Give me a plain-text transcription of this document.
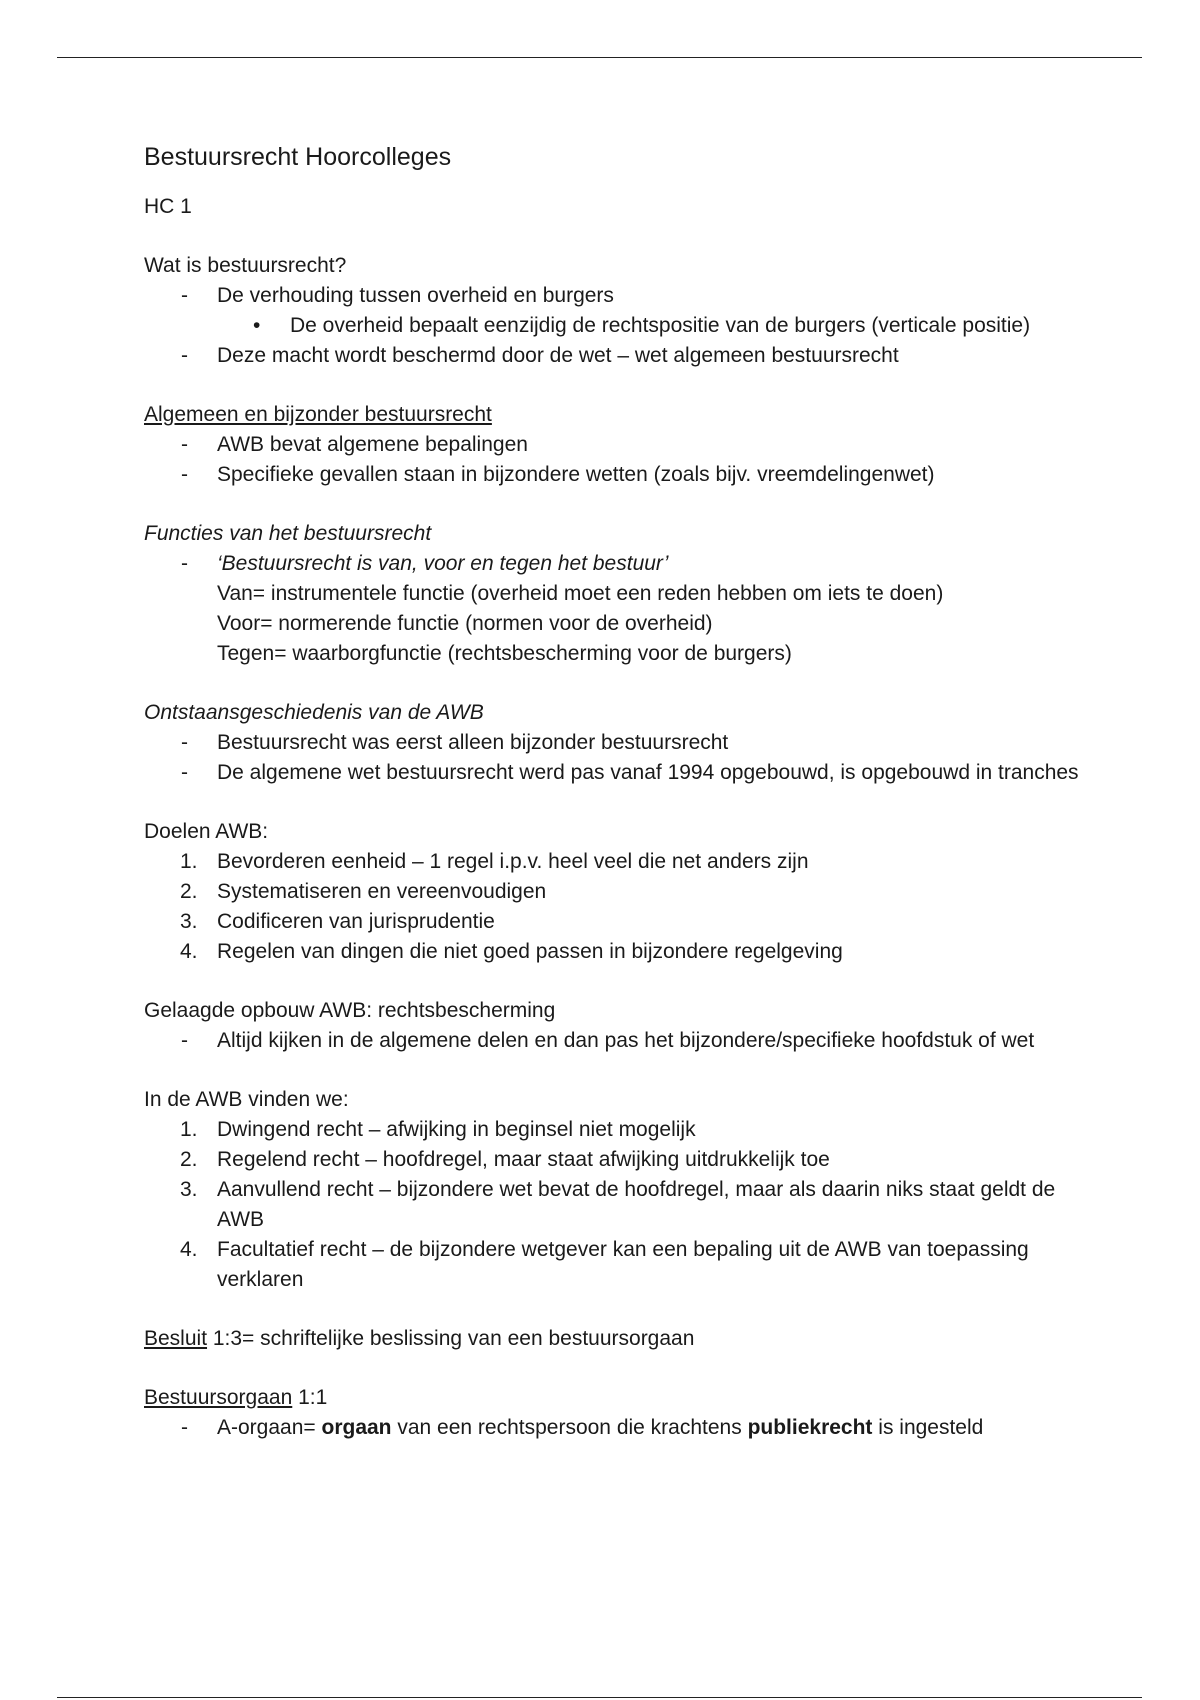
Bestuursrecht Hoorcolleges
HC 1
Wat is bestuursrecht?
- De verhouding tussen overheid en burgers
• De overheid bepaalt eenzijdig de rechtspositie van de burgers (verticale positie)
- Deze macht wordt beschermd door de wet – wet algemeen bestuursrecht
Algemeen en bijzonder bestuursrecht
- AWB bevat algemene bepalingen
- Specifieke gevallen staan in bijzondere wetten (zoals bijv. vreemdelingenwet)
Functies van het bestuursrecht
- ‘Bestuursrecht is van, voor en tegen het bestuur’
Van= instrumentele functie (overheid moet een reden hebben om iets te doen)
Voor= normerende functie (normen voor de overheid)
Tegen= waarborgfunctie (rechtsbescherming voor de burgers)
Ontstaansgeschiedenis van de AWB
- Bestuursrecht was eerst alleen bijzonder bestuursrecht
- De algemene wet bestuursrecht werd pas vanaf 1994 opgebouwd, is opgebouwd in tranches
Doelen AWB:
1. Bevorderen eenheid – 1 regel i.p.v. heel veel die net anders zijn
2. Systematiseren en vereenvoudigen
3. Codificeren van jurisprudentie
4. Regelen van dingen die niet goed passen in bijzondere regelgeving
Gelaagde opbouw AWB: rechtsbescherming
- Altijd kijken in de algemene delen en dan pas het bijzondere/specifieke hoofdstuk of wet
In de AWB vinden we:
1. Dwingend recht – afwijking in beginsel niet mogelijk
2. Regelend recht – hoofdregel, maar staat afwijking uitdrukkelijk toe
3. Aanvullend recht – bijzondere wet bevat de hoofdregel, maar als daarin niks staat geldt de AWB
4. Facultatief recht – de bijzondere wetgever kan een bepaling uit de AWB van toepassing verklaren
Besluit 1:3= schriftelijke beslissing van een bestuursorgaan
Bestuursorgaan 1:1
- A-orgaan= orgaan van een rechtspersoon die krachtens publiekrecht is ingesteld
